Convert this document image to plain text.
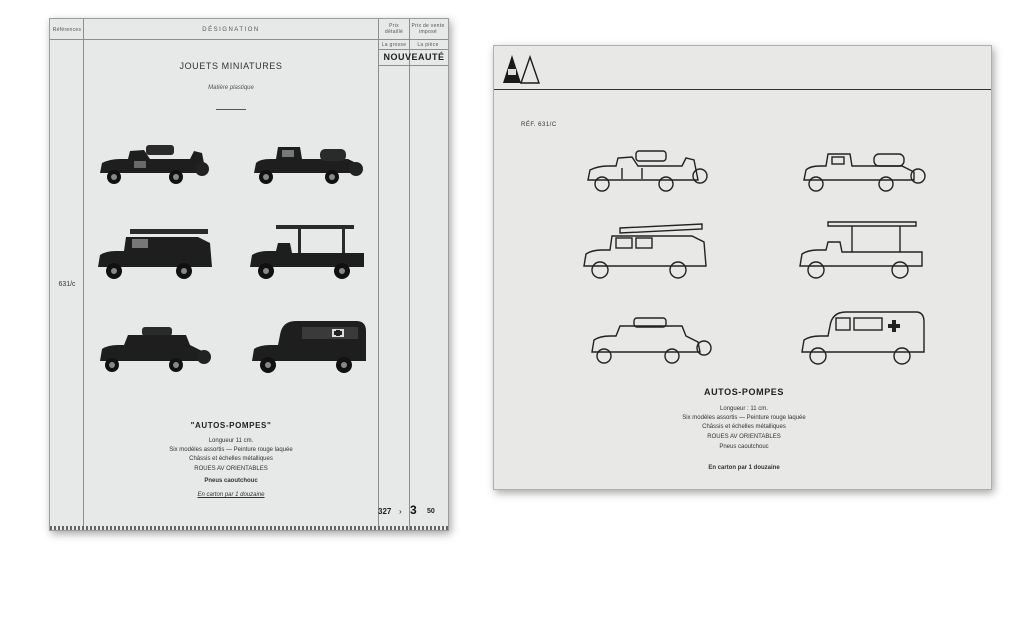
Références	DÉSIGNATION
Prix détaillé
Prix de vente imposé
La grosse	La pièce
NOUVEAUTÉ
631/c
JOUETS MINIATURES
Matière plastique
"AUTOS-POMPES"
Longueur 11 cm.
Six modèles assortis — Peinture rouge laquée
Châssis et échelles métalliques
ROUES AV ORIENTABLES
Pneus caoutchouc
En carton par 1 douzaine
327 › 3 50
RÉF. 631/C
AUTOS-POMPES
Longueur : 11 cm.
Six modèles assortis — Peinture rouge laquée
Châssis et échelles métalliques
ROUES AV ORIENTABLES
Pneus caoutchouc
En carton par 1 douzaine
